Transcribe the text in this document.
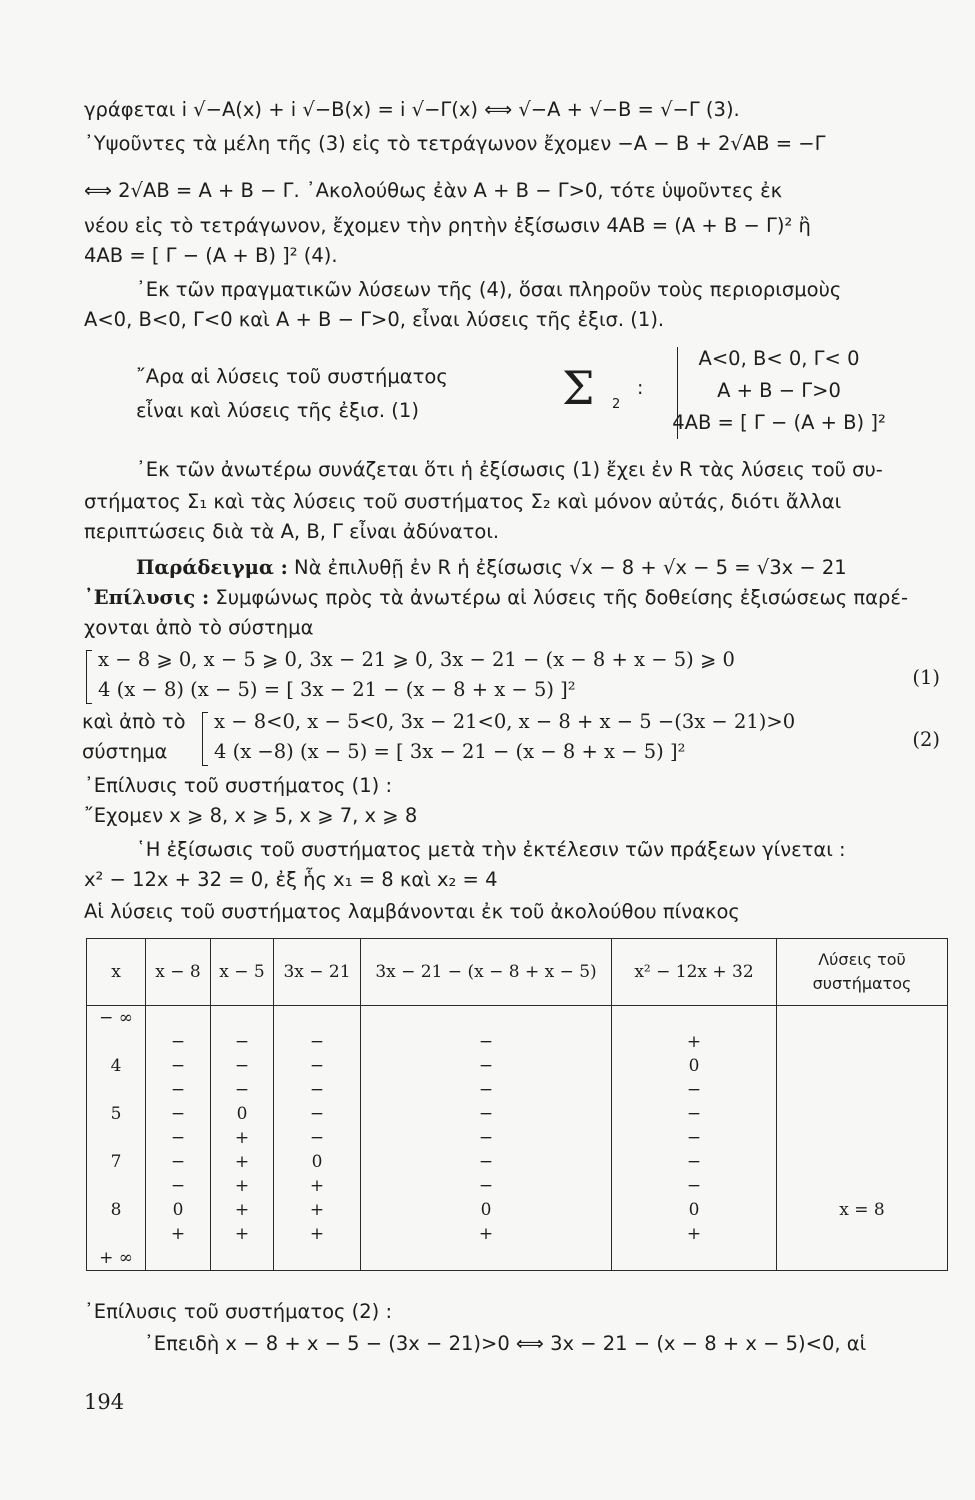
γράφεται i √−A(x) + i √−B(x) = i √−Γ(x) ⟺ √−A + √−B = √−Γ (3).
᾿Υψοῦντες τὰ μέλη τῆς (3) εἰς τὸ τετράγωνον ἔχομεν −A − B + 2√AB = −Γ
⟺ 2√AB = A + B − Γ. ᾿Ακολούθως ἐὰν A + B − Γ>0, τότε ὑψοῦντες ἐκ
νέου εἰς τὸ τετράγωνον, ἔχομεν τὴν ρητὴν ἐξίσωσιν 4AB = (A + B − Γ)² ἢ
4AB = [ Γ − (A + B) ]² (4).
᾿Εκ τῶν πραγματικῶν λύσεων τῆς (4), ὅσαι πληροῦν τοὺς περιορισμοὺς
A<0, B<0, Γ<0 καὶ A + B − Γ>0, εἶναι λύσεις τῆς ἐξισ. (1).
῎Αρα αἱ λύσεις τοῦ συστήματος
εἶναι καὶ λύσεις τῆς ἐξισ. (1)	Σ 2
:
A<0, B< 0, Γ< 0
A + B − Γ>0
4AB = [ Γ − (A + B) ]²
᾿Εκ τῶν ἀνωτέρω συνάζεται ὅτι ἡ ἐξίσωσις (1) ἔχει ἐν R τὰς λύσεις τοῦ συ-
στήματος Σ₁ καὶ τὰς λύσεις τοῦ συστήματος Σ₂ καὶ μόνον αὐτάς, διότι ἄλλαι
περιπτώσεις διὰ τὰ A, B, Γ εἶναι ἀδύνατοι.
Παράδειγμα : Νὰ ἐπιλυθῇ ἐν R ἡ ἐξίσωσις √x − 8 + √x − 5 = √3x − 21
᾿Επίλυσις : Συμφώνως πρὸς τὰ ἀνωτέρω αἱ λύσεις τῆς δοθείσης ἐξισώσεως παρέ-
χονται ἀπὸ τὸ σύστημα
x − 8 ⩾ 0, x − 5 ⩾ 0, 3x − 21 ⩾ 0, 3x − 21 − (x − 8 + x − 5) ⩾ 0
4 (x − 8) (x − 5) = [ 3x − 21 − (x − 8 + x − 5) ]²
(1)
καὶ ἀπὸ τὸ
σύστημα
x − 8<0, x − 5<0, 3x − 21<0, x − 8 + x − 5 −(3x − 21)>0
4 (x −8) (x − 5) = [ 3x − 21 − (x − 8 + x − 5) ]²
(2)
᾿Επίλυσις τοῦ συστήματος (1) :
῎Εχομεν x ⩾ 8, x ⩾ 5, x ⩾ 7, x ⩾ 8
῾Η ἐξίσωσις τοῦ συστήματος μετὰ τὴν ἐκτέλεσιν τῶν πράξεων γίνεται :
x² − 12x + 32 = 0, ἐξ ἧς x₁ = 8 καὶ x₂ = 4
Αἱ λύσεις τοῦ συστήματος λαμβάνονται ἐκ τοῦ ἀκολούθου πίνακος
x	x − 8	x − 5	3x − 21	3x − 21 − (x − 8 + x − 5)	x² − 12x + 32	Λύσεις τοῦ
συστήματος

− ∞						
	−	−	−	−	+	
4	−	−	−	−	0	
	−	−	−	−	−	
5	−	0	−	−	−	
	−	+	−	−	−	
7	−	+	0	−	−	
	−	+	+	−	−	
8	0	+	+	0	0	x = 8
	+	+	+	+	+	
+ ∞						
᾿Επίλυσις τοῦ συστήματος (2) :
᾿Επειδὴ x − 8 + x − 5 − (3x − 21)>0 ⟺ 3x − 21 − (x − 8 + x − 5)<0, αἱ
194
